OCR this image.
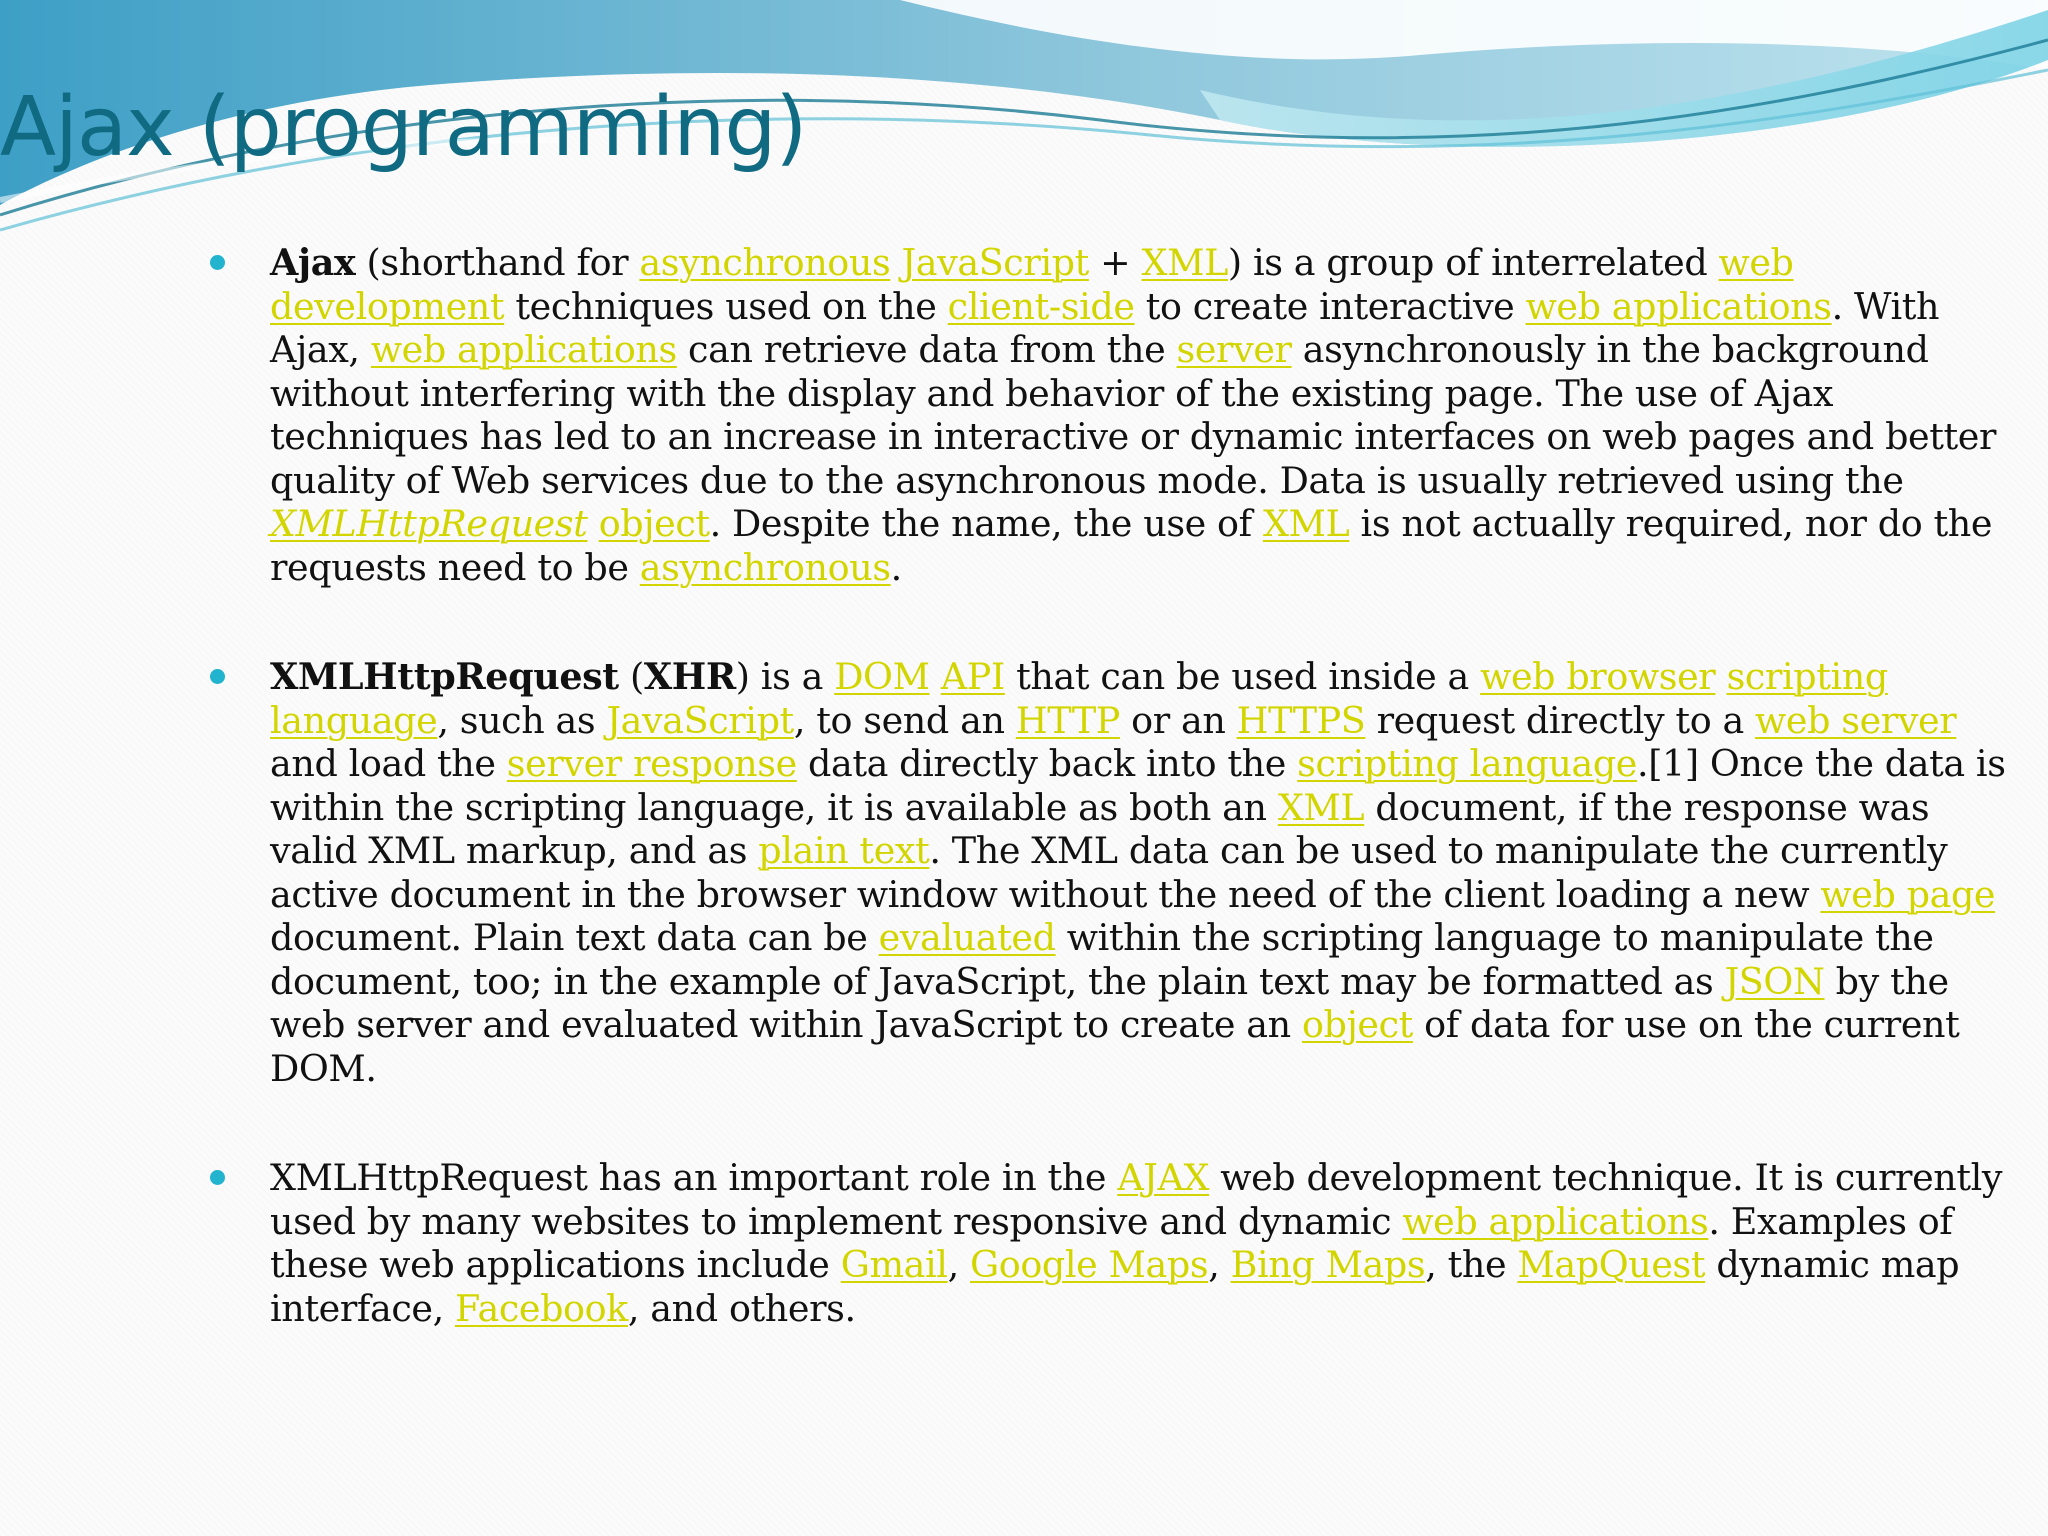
Ajax (programming)
Ajax (shorthand for asynchronous JavaScript + XML) is a group of interrelated web development techniques used on the client-side to create interactive web applications. With Ajax, web applications can retrieve data from the server asynchronously in the background without interfering with the display and behavior of the existing page. The use of Ajax techniques has led to an increase in interactive or dynamic interfaces on web pages and better quality of Web services due to the asynchronous mode. Data is usually retrieved using the XMLHttpRequest object. Despite the name, the use of XML is not actually required, nor do the requests need to be asynchronous.
XMLHttpRequest (XHR) is a DOM API that can be used inside a web browser scripting language, such as JavaScript, to send an HTTP or an HTTPS request directly to a web server and load the server response data directly back into the scripting language.[1] Once the data is within the scripting language, it is available as both an XML document, if the response was valid XML markup, and as plain text. The XML data can be used to manipulate the currently active document in the browser window without the need of the client loading a new web page document. Plain text data can be evaluated within the scripting language to manipulate the document, too; in the example of JavaScript, the plain text may be formatted as JSON by the web server and evaluated within JavaScript to create an object of data for use on the current DOM.
XMLHttpRequest has an important role in the AJAX web development technique. It is currently used by many websites to implement responsive and dynamic web applications. Examples of these web applications include Gmail, Google Maps, Bing Maps, the MapQuest dynamic map interface, Facebook, and others.
